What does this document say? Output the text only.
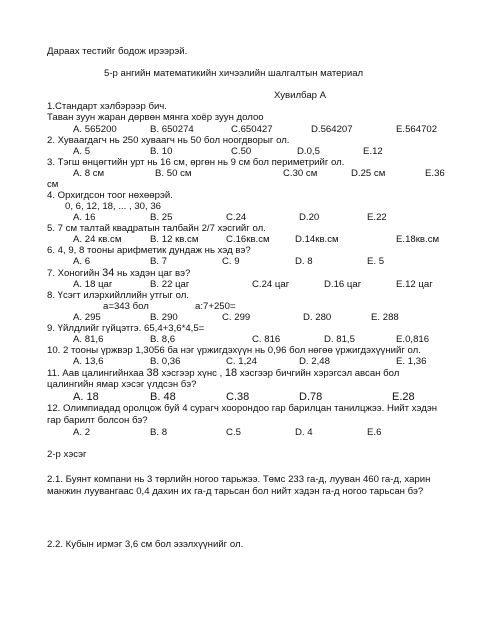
Дараах тестийг бодож ирээрэй.
5-р ангийн математикийн хичээлийн шалгалтын материал
Хувилбар А
1.Стандарт хэлбэрээр бич.
Таван зуун жаран дөрвөн мянга хоёр зуун долоо
А. 565200	В. 650274	С.650427	D.564207	E.564702
2. Хуваагдагч нь 250 хуваагч нь 50 бол ноогдворыг ол.
А. 5	В. 10	С.50	D.0,5	E.12
3. Тэгш өнцөгтийн урт нь 16 см, өргөн нь 9 см бол периметрийг ол.
А. 8 см	В. 50 см	С.30 см	D.25 см	E.36
см
4. Орхигдсон тоог нөхөөрэй.
0, 6, 12, 18, ... , 30, 36
А. 16	В. 25	С.24	D.20	E.22
5. 7 см талтай квадратын талбайн 2/7 хэсгийг ол.
А. 24 кв.см	В. 12 кв.см	С.16кв.см	D.14кв.см	E.18кв.см
6. 4, 9, 8 тооны арифметик дундаж нь хэд вэ?
А. 6	В. 7	С. 9	D. 8	E. 5
7. Хоногийн 34 нь хэдэн цаг вэ?
А. 18 цаг	В. 22 цаг	С.24 цаг	D.16 цаг	E.12 цаг
8. Үсэгт илэрхийллийн утгыг ол.
a=343 бол	a:7+250=
А. 295	В. 290	С. 299	D. 280	E. 288
9. Үйлдлийг гүйцэтгэ. 65,4+3,6*4,5=
А. 81,6	В. 8,6	С. 816	D. 81,5	E.0,816
10. 2 тооны үржвэр 1,3056 ба нэг үржигдэхүүн нь 0,96 бол нөгөө үржигдэхүүнийг ол.
А. 13,6	В. 0,36	С. 1,24	D. 2,48	E. 1,36
11. Аав цалингийнхаа 38 хэсгээр хүнс , 18 хэсгээр бичгийн хэрэгсэл авсан бол
цалингийн ямар хэсэг үлдсэн бэ?
А. 18	В. 48	С.38	D.78	E.28
12. Олимпиадад оролцож буй 4 сурагч хоорондоо гар барилцан танилцжээ. Нийт хэдэн
гар барилт болсон бэ?
А. 2	В. 8	С.5	D. 4	E.6
2-р хэсэг
2.1. Буянт компани нь 3 төрлийн ногоо тарьжээ. Төмс 233 га-д, лууван 460 га-д, харин
манжин луувангаас 0,4 дахин их га-д тарьсан бол нийт хэдэн га-д ногоо тарьсан бэ?
2.2. Кубын ирмэг 3,6 см бол эзэлхүүнийг ол.
